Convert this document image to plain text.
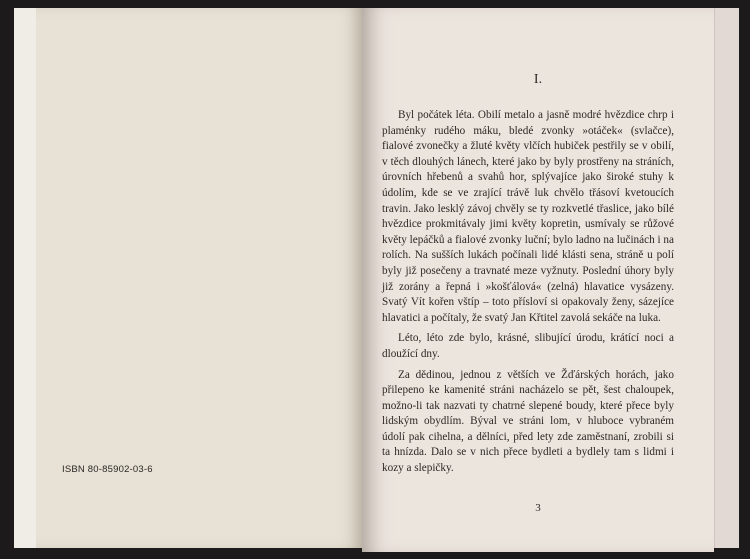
ISBN 80-85902-03-6
I.

Byl počátek léta. Obilí metalo a jasně modré hvězdice chrp i plaménky rudého máku, bledé zvonky »otáček« (svlačce), fialové zvonečky a žluté květy vlčích hubiček pestřily se v obilí, v těch dlouhých lánech, které jako by byly prostřeny na stráních, úrovních hřebenů a svahů hor, splývajíce jako široké stuhy k údolím, kde se ve zrající trávě luk chvělo třásoví kvetoucích travin. Jako lesklý závoj chvěly se ty rozkvetlé třaslice, jako bílé hvězdice prokmitávaly jimi květy kopretin, usmívaly se růžové květy lepáčků a fialové zvonky luční; bylo ladno na lučinách i na rolích. Na sušších lukách počínali lidé klásti sena, stráně u polí byly již posečeny a travnaté meze vyžnuty. Poslední úhory byly již zorány a řepná i »košťálová« (zelná) hlavatice vysázeny. Svatý Vít kořen vštíp – toto přísloví si opakovaly ženy, sázejíce hlavatici a počítaly, že svatý Jan Křtitel zavolá sekáče na luka.

Léto, léto zde bylo, krásné, slibující úrodu, krátící noci a dloužící dny.

Za dědinou, jednou z větších ve Žďárských horách, jako přilepeno ke kamenité stráni nacházelo se pět, šest chaloupek, možno-li tak nazvati ty chatrné slepené boudy, které přece byly lidským obydlím. Býval ve stráni lom, v hluboce vybraném údolí pak cihelna, a dělníci, před lety zde zaměstnaní, zrobili si ta hnízda. Dalo se v nich přece bydleti a bydlely tam s lidmi i kozy a slepičky.

3
